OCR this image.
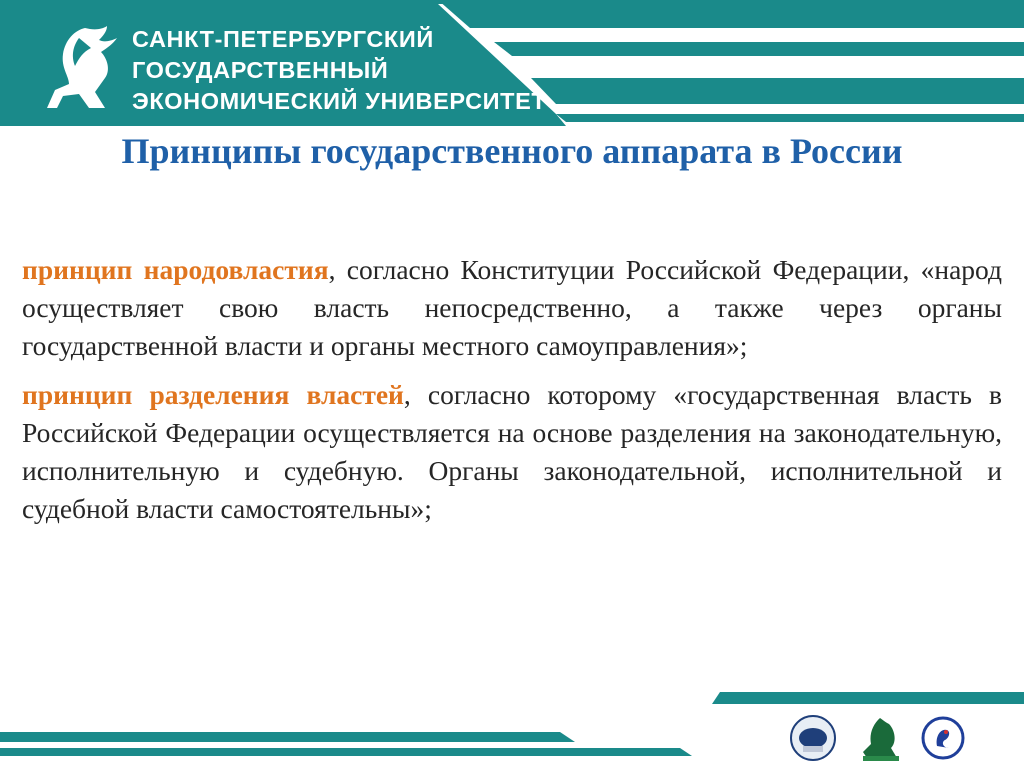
САНКТ-ПЕТЕРБУРГСКИЙ
ГОСУДАРСТВЕННЫЙ
ЭКОНОМИЧЕСКИЙ УНИВЕРСИТЕТ
Принципы государственного аппарата в России

принцип народовластия, согласно Конституции Российской Федерации, «народ осуществляет свою власть непосредственно, а также через органы государственной власти и органы местного самоуправления»;

принцип разделения властей, согласно которому «государственная власть в Российской Федерации осуществляется на основе разделения на законодательную, исполнительную и судебную. Органы законодательной, исполнительной и судебной власти самостоятельны»;
